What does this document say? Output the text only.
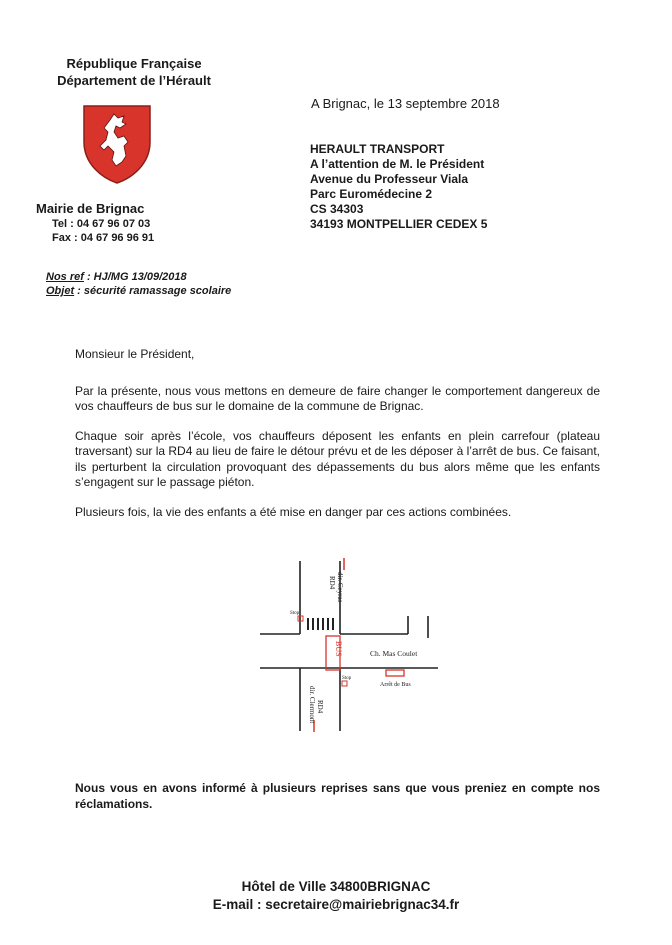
République Française
Département de l’Hérault
Mairie de Brignac
Tel : 04 67 96 07 03
Fax : 04 67 96 96 91
A Brignac, le 13 septembre 2018
HERAULT TRANSPORT
A l’attention de M. le Président
Avenue du Professeur Viala
Parc Euromédecine 2
CS 34303
34193 MONTPELLIER CEDEX 5
Nos ref : HJ/MG 13/09/2018
Objet : sécurité ramassage scolaire
Monsieur le Président,
Par la présente, nous vous mettons en demeure de faire changer le comportement dangereux de vos chauffeurs de bus sur le domaine de la commune de Brignac.
Chaque soir après l’école, vos chauffeurs déposent les enfants en plein carrefour (plateau traversant) sur la RD4 au lieu de faire le détour prévu et de les déposer à l’arrêt de bus. Ce faisant, ils perturbent la circulation provoquant des dépassements du bus alors même que les enfants s’engagent sur le passage piéton.
Plusieurs fois, la vie des enfants a été mise en danger par ces actions combinées.
RD4 dir. Ceyras
Stop
BUS	Ch. Mas Coulet
Stop
Arrêt de Bus
RD4
dir. Clermont
Nous vous en avons informé à plusieurs reprises sans que vous preniez en compte nos réclamations.
Hôtel de Ville 34800BRIGNAC
E-mail : secretaire@mairiebrignac34.fr
